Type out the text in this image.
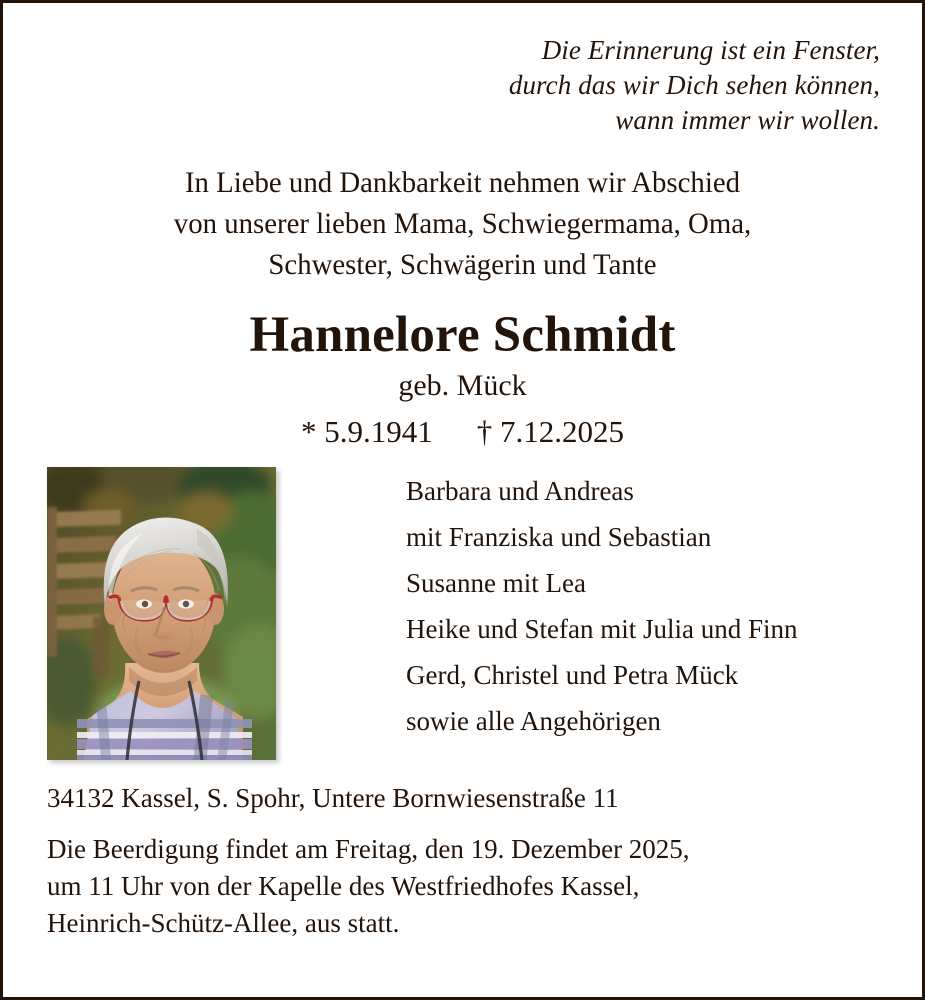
Die Erinnerung ist ein Fenster,
durch das wir Dich sehen können,
wann immer wir wollen.
In Liebe und Dankbarkeit nehmen wir Abschied
von unserer lieben Mama, Schwiegermama, Oma,
Schwester, Schwägerin und Tante
Hannelore Schmidt
geb. Mück
* 5.9.1941 † 7.12.2025
Barbara und Andreas
mit Franziska und Sebastian
Susanne mit Lea
Heike und Stefan mit Julia und Finn
Gerd, Christel und Petra Mück
sowie alle Angehörigen
34132 Kassel, S. Spohr, Untere Bornwiesenstraße 11
Die Beerdigung findet am Freitag, den 19. Dezember 2025,
um 11 Uhr von der Kapelle des Westfriedhofes Kassel,
Heinrich-Schütz-Allee, aus statt.
